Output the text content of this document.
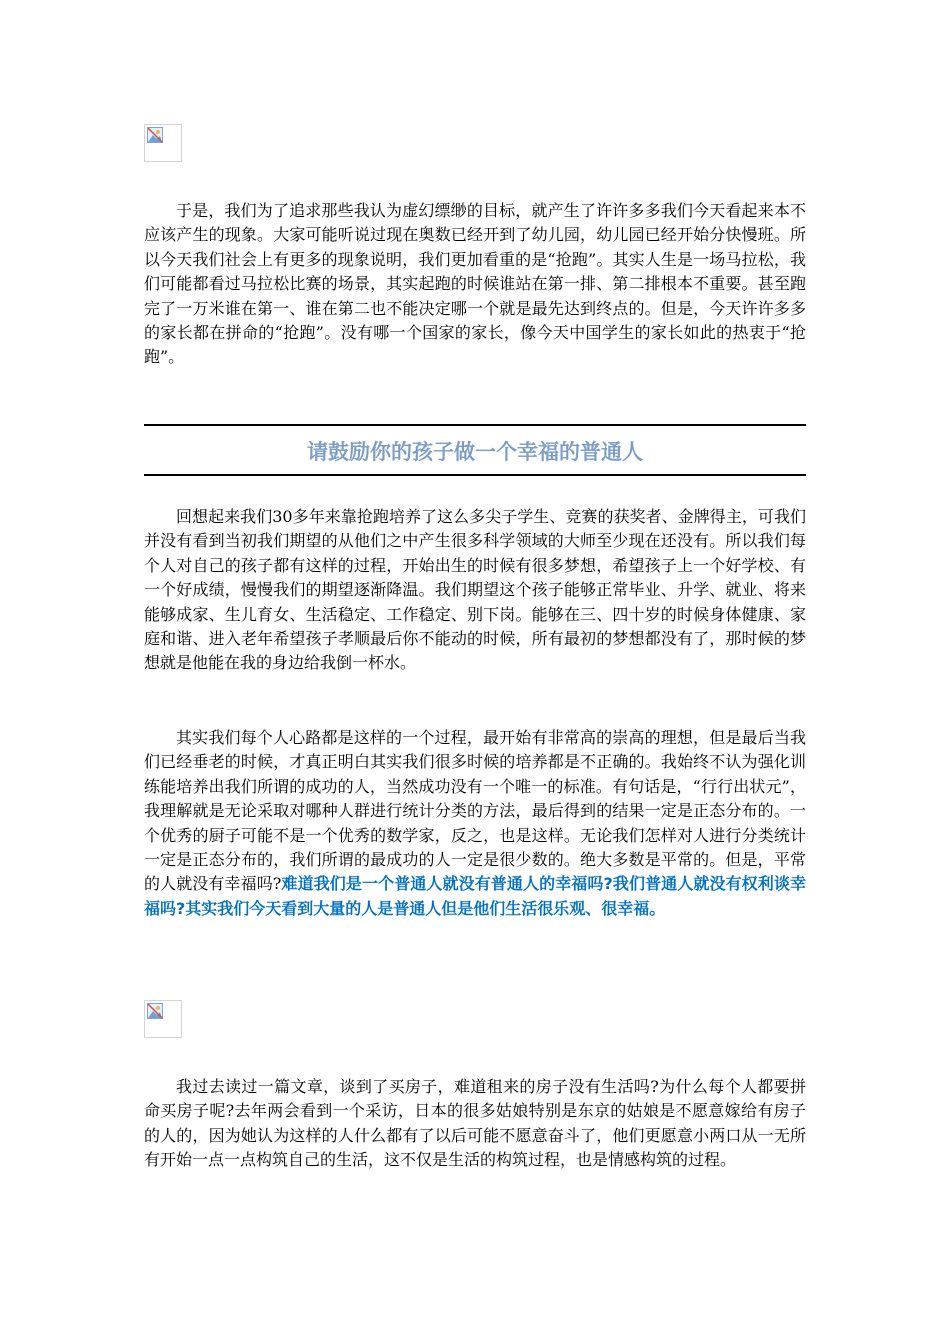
于是，我们为了追求那些我认为虚幻缥缈的目标，就产生了许许多多我们今天看起来本不应该产生的现象。大家可能听说过现在奥数已经开到了幼儿园，幼儿园已经开始分快慢班。所以今天我们社会上有更多的现象说明，我们更加看重的是“抢跑”。其实人生是一场马拉松，我们可能都看过马拉松比赛的场景，其实起跑的时候谁站在第一排、第二排根本不重要。甚至跑完了一万米谁在第一、谁在第二也不能决定哪一个就是最先达到终点的。但是，今天许许多多的家长都在拼命的“抢跑”。没有哪一个国家的家长，像今天中国学生的家长如此的热衷于“抢跑”。

请鼓励你的孩子做一个幸福的普通人

回想起来我们30多年来靠抢跑培养了这么多尖子学生、竞赛的获奖者、金牌得主，可我们并没有看到当初我们期望的从他们之中产生很多科学领域的大师至少现在还没有。所以我们每个人对自己的孩子都有这样的过程，开始出生的时候有很多梦想，希望孩子上一个好学校、有一个好成绩，慢慢我们的期望逐渐降温。我们期望这个孩子能够正常毕业、升学、就业、将来能够成家、生儿育女、生活稳定、工作稳定、别下岗。能够在三、四十岁的时候身体健康、家庭和谐、进入老年希望孩子孝顺最后你不能动的时候，所有最初的梦想都没有了，那时候的梦想就是他能在我的身边给我倒一杯水。

其实我们每个人心路都是这样的一个过程，最开始有非常高的崇高的理想，但是最后当我们已经垂老的时候，才真正明白其实我们很多时候的培养都是不正确的。我始终不认为强化训练能培养出我们所谓的成功的人，当然成功没有一个唯一的标准。有句话是，“行行出状元”，我理解就是无论采取对哪种人群进行统计分类的方法，最后得到的结果一定是正态分布的。一个优秀的厨子可能不是一个优秀的数学家，反之，也是这样。无论我们怎样对人进行分类统计一定是正态分布的，我们所谓的最成功的人一定是很少数的。绝大多数是平常的。但是，平常的人就没有幸福吗?难道我们是一个普通人就没有普通人的幸福吗?我们普通人就没有权利谈幸福吗?其实我们今天看到大量的人是普通人但是他们生活很乐观、很幸福。

我过去读过一篇文章，谈到了买房子，难道租来的房子没有生活吗?为什么每个人都要拼命买房子呢?去年两会看到一个采访，日本的很多姑娘特别是东京的姑娘是不愿意嫁给有房子的人的，因为她认为这样的人什么都有了以后可能不愿意奋斗了，他们更愿意小两口从一无所有开始一点一点构筑自己的生活，这不仅是生活的构筑过程，也是情感构筑的过程。
